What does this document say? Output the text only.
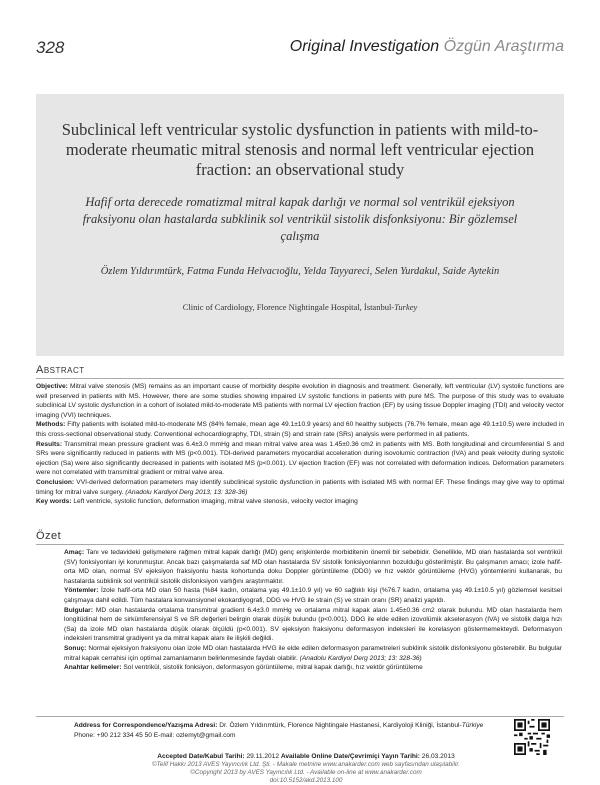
328	Original Investigation Özgün Araştırma
Subclinical left ventricular systolic dysfunction in patients with mild-to-moderate rheumatic mitral stenosis and normal left ventricular ejection fraction: an observational study
Hafif orta derecede romatizmal mitral kapak darlığı ve normal sol ventrikül ejeksiyon fraksiyonu olan hastalarda subklinik sol ventrikül sistolik disfonksiyonu: Bir gözlemsel çalışma
Özlem Yıldırımtürk, Fatma Funda Helvacıoğlu, Yelda Tayyareci, Selen Yurdakul, Saide Aytekin
Clinic of Cardiology, Florence Nightingale Hospital, İstanbul-Turkey
Abstract

Objective: Mitral valve stenosis (MS) remains as an important cause of morbidity despite evolution in diagnosis and treatment. Generally, left ventricular (LV) systolic functions are well preserved in patients with MS. However, there are some studies showing impaired LV systolic functions in patients with pure MS. The purpose of this study was to evaluate subclinical LV systolic dysfunction in a cohort of isolated mild-to-moderate MS patients with normal LV ejection fraction (EF) by using tissue Doppler imaging (TDI) and velocity vector imaging (VVI) techniques.

Methods: Fifty patients with isolated mild-to-moderate MS (84% female, mean age 49.1±10.9 years) and 60 healthy subjects (76.7% female, mean age 49.1±10.5) were included in this cross-sectional observational study. Conventional echocardiography, TDI, strain (S) and strain rate (SRs) analysis were performed in all patients.

Results: Transmitral mean pressure gradient was 6.4±3.0 mmHg and mean mitral valve area was 1.45±0.36 cm2 in patients with MS. Both longitudinal and circumferential S and SRs were significantly reduced in patients with MS (p<0.001). TDI-derived parameters myocardial acceleration during isovolumic contraction (IVA) and peak velocity during systolic ejection (Sa) were also significantly decreased in patients with isolated MS (p<0.001). LV ejection fraction (EF) was not correlated with deformation indices. Deformation parameters were not correlated with transmitral gradient or mitral valve area.

Conclusion: VVI-derived deformation parameters may identify subclinical systolic dysfunction in patients with isolated MS with normal EF. These findings may give way to optimal timing for mitral valve surgery. (Anadolu Kardiyol Derg 2013; 13: 328-36)

Key words: Left ventricle, systolic function, deformation imaging, mitral valve stenosis, velocity vector imaging

Özet

Amaç: Tanı ve tedavideki gelişmelere rağmen mitral kapak darlığı (MD) genç erişkinlerde morbiditenin önemli bir sebebidir. Genellikle, MD olan hastalarda sol ventrikül (SV) fonksiyonları iyi korunmuştur. Ancak bazı çalışmalarda saf MD olan hastalarda SV sistolik fonksiyonlarının bozulduğu gösterilmiştir. Bu çalışmanın amacı; izole hafif-orta MD olan, normal SV ejeksiyon fraksiyonlu hasta kohortunda doku Doppler görüntüleme (DDG) ve hız vektör görüntüleme (HVG) yöntemlerini kullanarak, bu hastalarda subklinik sol ventrikül sistolik disfonksiyon varlığını araştırmaktır.

Yöntemler: İzole hafif-orta MD olan 50 hasta (%84 kadın, ortalama yaş 49.1±10.9 yıl) ve 60 sağlıklı kişi (%76.7 kadın, ortalama yaş 49.1±10.5 yıl) gözlemsel kesitsel çalışmaya dahil edildi. Tüm hastalara konvansiyonel ekokardiyografi, DDG ve HVG ile strain (S) ve strain oranı (SR) analizi yapıldı.

Bulgular: MD olan hastalarda ortalama transmitral gradient 6.4±3.0 mmHg ve ortalama mitral kapak alanı 1.45±0.36 cm2 olarak bulundu. MD olan hastalarda hem longitüdinal hem de sirkümferensiyal S ve SR değerleri belirgin olarak düşük bulundu (p<0.001). DDG ile elde edilen izovolümik akselerasyon (IVA) ve sistolik dalga hızı (Sa) da izole MD olan hastalarda düşük olarak ölçüldü (p<0.001). SV ejeksiyon fraksiyonu deformasyon indeksleri ile korelasyon göstermemekteydi. Deformasyon indeksleri transmitral gradiyent ya da mitral kapak alanı ile ilişkili değildi.

Sonuç: Normal ejeksiyon fraksiyonu olan izole MD olan hastalarda HVG ile elde edilen deformasyon parametreleri subklinik sistolik disfonksiyonu gösterebilir. Bu bulgular mitral kapak cerrahisi için optimal zamanlamanın belirlenmesinde faydalı olabilir. (Anadolu Kardiyol Derg 2013; 13: 328-36)

Anahtar kelimeler: Sol ventrikül, sistolik fonksiyon, deformasyon görüntüleme, mitral kapak darlığı, hız vektör görüntüleme

Address for Correspondence/Yazışma Adresi: Dr. Özlem Yıldırımtürk, Florence Nightingale Hastanesi, Kardiyoloji Kliniği, İstanbul-Türkiye Phone: +90 212 334 45 50 E-mail: ozlemyt@gmail.com
Accepted Date/Kabul Tarihi: 29.11.2012 Available Online Date/Çevrimiçi Yayın Tarihi: 26.03.2013
©Telif Hakkı 2013 AVES Yayıncılık Ltd. Şti. - Makale metnine www.anakarder.com web sayfasından ulaşılabilir.
©Copyright 2013 by AVES Yayıncılık Ltd. - Available on-line at www.anakarder.com
doi:10.5152/akd.2013.100
